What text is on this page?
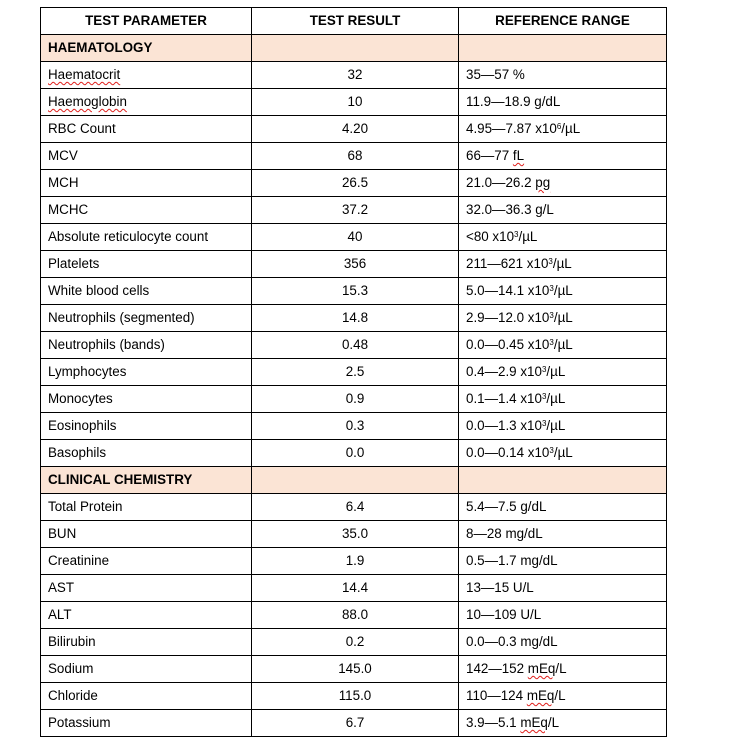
TEST PARAMETER	TEST RESULT	REFERENCE RANGE
HAEMATOLOGY		
Haematocrit	32	35—57 %
Haemoglobin	10	11.9—18.9 g/dL
RBC Count	4.20	4.95—7.87 $x10^6/\mu L$
MCV	68	66—77 fL
MCH	26.5	21.0—26.2 pg
MCHC	37.2	32.0—36.3 g/L
Absolute reticulocyte count	40	<80 $x10^3/\mu L$
Platelets	356	211—621 $x10^3/\mu L$
White blood cells	15.3	5.0—14.1 $x10^3/\mu L$
Neutrophils (segmented)	14.8	2.9—12.0 $x10^3/\mu L$
Neutrophils (bands)	0.48	0.0—0.45 $x10^3/\mu L$
Lymphocytes	2.5	0.4—2.9 $x10^3/\mu L$
Monocytes	0.9	0.1—1.4 $x10^3/\mu L$
Eosinophils	0.3	0.0—1.3 $x10^3/\mu L$
Basophils	0.0	0.0—0.14 $x10^3/\mu L$
CLINICAL CHEMISTRY		
Total Protein	6.4	5.4—7.5 g/dL
BUN	35.0	8—28 mg/dL
Creatinine	1.9	0.5—1.7 mg/dL
AST	14.4	13—15 U/L
ALT	88.0	10—109 U/L
Bilirubin	0.2	0.0—0.3 mg/dL
Sodium	145.0	142—152 mEq/L
Chloride	115.0	110—124 mEq/L
Potassium	6.7	3.9—5.1 mEq/L
